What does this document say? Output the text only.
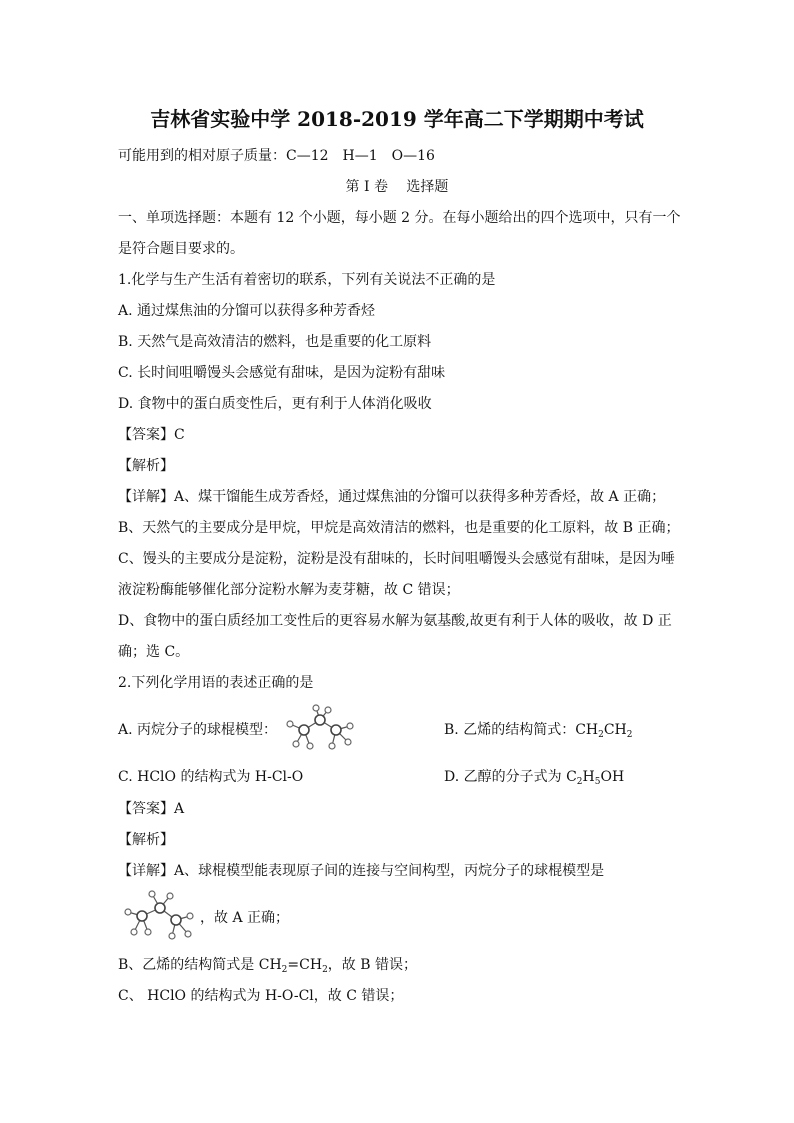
吉林省实验中学 2018-2019 学年高二下学期期中考试
可能用到的相对原子质量：C—12　H—1　O—16
第 I 卷　 选择题
一、单项选择题：本题有 12 个小题，每小题 2 分。在每小题给出的四个选项中，只有一个
是符合题目要求的。
1.化学与生产生活有着密切的联系，下列有关说法不正确的是
A. 通过煤焦油的分馏可以获得多种芳香烃
B. 天然气是高效清洁的燃料，也是重要的化工原料
C. 长时间咀嚼馒头会感觉有甜味，是因为淀粉有甜味
D. 食物中的蛋白质变性后，更有利于人体消化吸收
【答案】C
【解析】
【详解】A、煤干馏能生成芳香烃，通过煤焦油的分馏可以获得多种芳香烃，故 A 正确；
B、天然气的主要成分是甲烷，甲烷是高效清洁的燃料，也是重要的化工原料，故 B 正确；
C、馒头的主要成分是淀粉，淀粉是没有甜味的，长时间咀嚼馒头会感觉有甜味，是因为唾
液淀粉酶能够催化部分淀粉水解为麦芽糖，故 C 错误；
D、食物中的蛋白质经加工变性后的更容易水解为氨基酸,故更有利于人体的吸收，故 D 正
确；选 C。
2.下列化学用语的表述正确的是
A. 丙烷分子的球棍模型：	B. 乙烯的结构简式：$CH_2CH_2$
C. HClO 的结构式为 H-Cl-O	D. 乙醇的分子式为 $C_2H_5OH$
【答案】A
【解析】
【详解】A、球棍模型能表现原子间的连接与空间构型，丙烷分子的球棍模型是
，故 A 正确；
B、乙烯的结构简式是 $CH_2=CH_2$，故 B 错误；
C、 HClO 的结构式为 H-O-Cl，故 C 错误；
